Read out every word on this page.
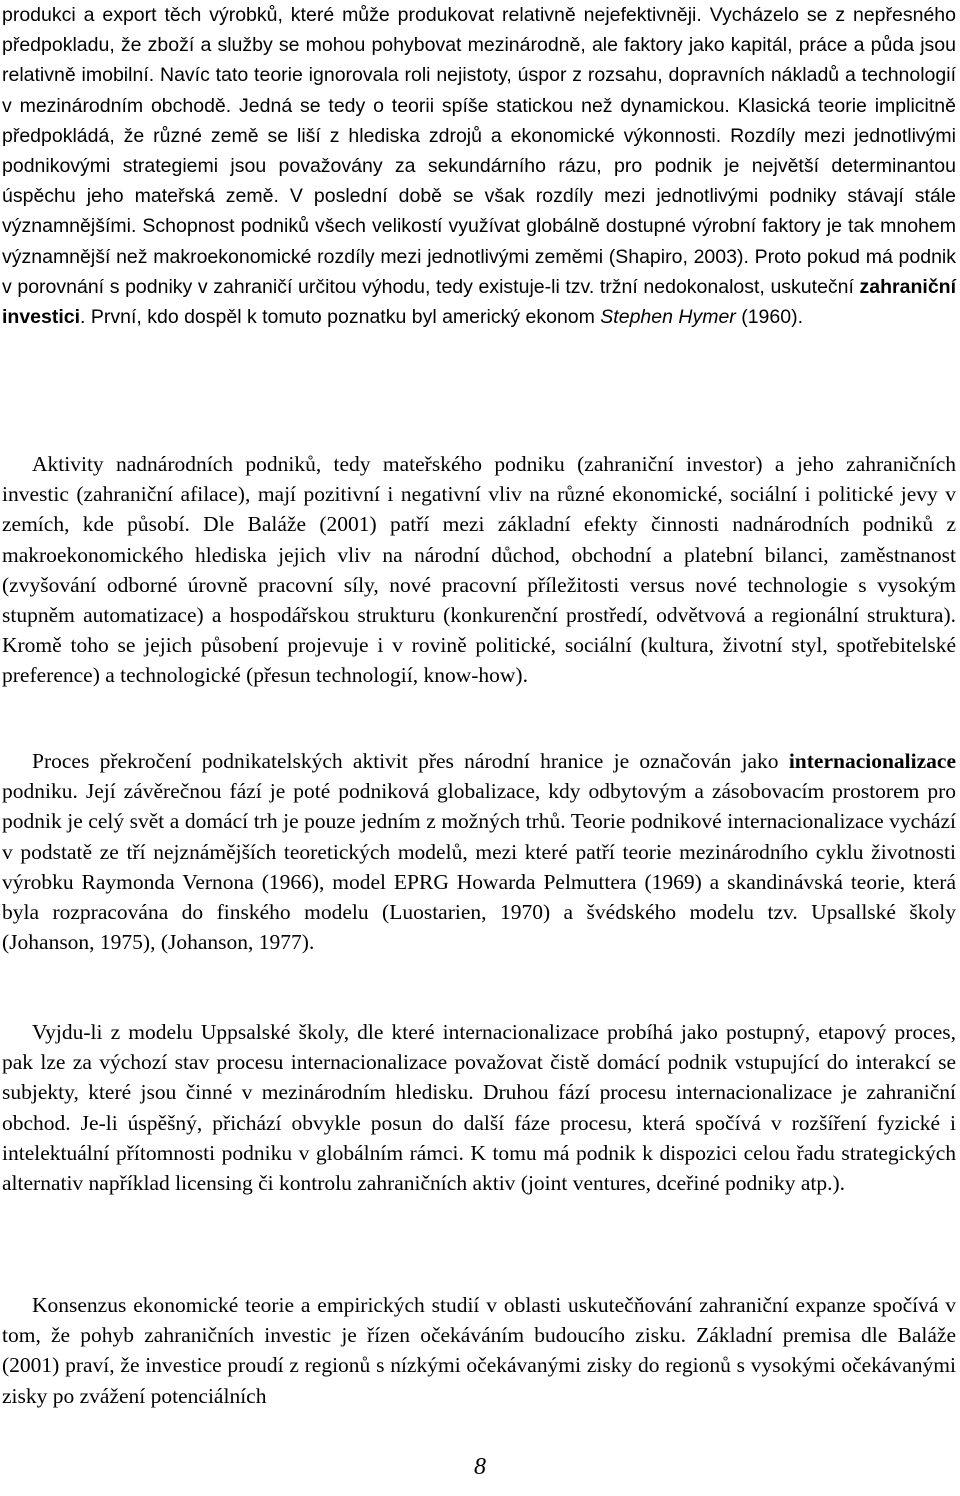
produkci a export těch výrobků, které může produkovat relativně nejefektivněji. Vycházelo se z nepřesného předpokladu, že zboží a služby se mohou pohybovat mezinárodně, ale faktory jako kapitál, práce a půda jsou relativně imobilní. Navíc tato teorie ignorovala roli nejistoty, úspor z rozsahu, dopravních nákladů a technologií v mezinárodním obchodě. Jedná se tedy o teorii spíše statickou než dynamickou. Klasická teorie implicitně předpokládá, že různé země se liší z hlediska zdrojů a ekonomické výkonnosti. Rozdíly mezi jednotlivými podnikovými strategiemi jsou považovány za sekundárního rázu, pro podnik je největší determinantou úspěchu jeho mateřská země. V poslední době se však rozdíly mezi jednotlivými podniky stávají stále významnějšími. Schopnost podniků všech velikostí využívat globálně dostupné výrobní faktory je tak mnohem významnější než makroekonomické rozdíly mezi jednotlivými zeměmi (Shapiro, 2003). Proto pokud má podnik v porovnání s podniky v zahraničí určitou výhodu, tedy existuje-li tzv. tržní nedokonalost, uskuteční zahraniční investici. První, kdo dospěl k tomuto poznatku byl americký ekonom Stephen Hymer (1960).

Aktivity nadnárodních podniků, tedy mateřského podniku (zahraniční investor) a jeho zahraničních investic (zahraniční afilace), mají pozitivní i negativní vliv na různé ekonomické, sociální i politické jevy v zemích, kde působí. Dle Baláže (2001) patří mezi základní efekty činnosti nadnárodních podniků z makroekonomického hlediska jejich vliv na národní důchod, obchodní a platební bilanci, zaměstnanost (zvyšování odborné úrovně pracovní síly, nové pracovní příležitosti versus nové technologie s vysokým stupněm automatizace) a hospodářskou strukturu (konkurenční prostředí, odvětvová a regionální struktura). Kromě toho se jejich působení projevuje i v rovině politické, sociální (kultura, životní styl, spotřebitelské preference) a technologické (přesun technologií, know-how).

Proces překročení podnikatelských aktivit přes národní hranice je označován jako internacionalizace podniku. Její závěrečnou fází je poté podniková globalizace, kdy odbytovým a zásobovacím prostorem pro podnik je celý svět a domácí trh je pouze jedním z možných trhů. Teorie podnikové internacionalizace vychází v podstatě ze tří nejznámějších teoretických modelů, mezi které patří teorie mezinárodního cyklu životnosti výrobku Raymonda Vernona (1966), model EPRG Howarda Pelmuttera (1969) a skandinávská teorie, která byla rozpracována do finského modelu (Luostarien, 1970) a švédského modelu tzv. Upsallské školy (Johanson, 1975), (Johanson, 1977).

Vyjdu-li z modelu Uppsalské školy, dle které internacionalizace probíhá jako postupný, etapový proces, pak lze za výchozí stav procesu internacionalizace považovat čistě domácí podnik vstupující do interakcí se subjekty, které jsou činné v mezinárodním hledisku. Druhou fází procesu internacionalizace je zahraniční obchod. Je-li úspěšný, přichází obvykle posun do další fáze procesu, která spočívá v rozšíření fyzické i intelektuální přítomnosti podniku v globálním rámci. K tomu má podnik k dispozici celou řadu strategických alternativ například licensing či kontrolu zahraničních aktiv (joint ventures, dceřiné podniky atp.).

Konsenzus ekonomické teorie a empirických studií v oblasti uskutečňování zahraniční expanze spočívá v tom, že pohyb zahraničních investic je řízen očekáváním budoucího zisku. Základní premisa dle Baláže (2001) praví, že investice proudí z regionů s nízkými očekávanými zisky do regionů s vysokými očekávanými zisky po zvážení potenciálních

8
